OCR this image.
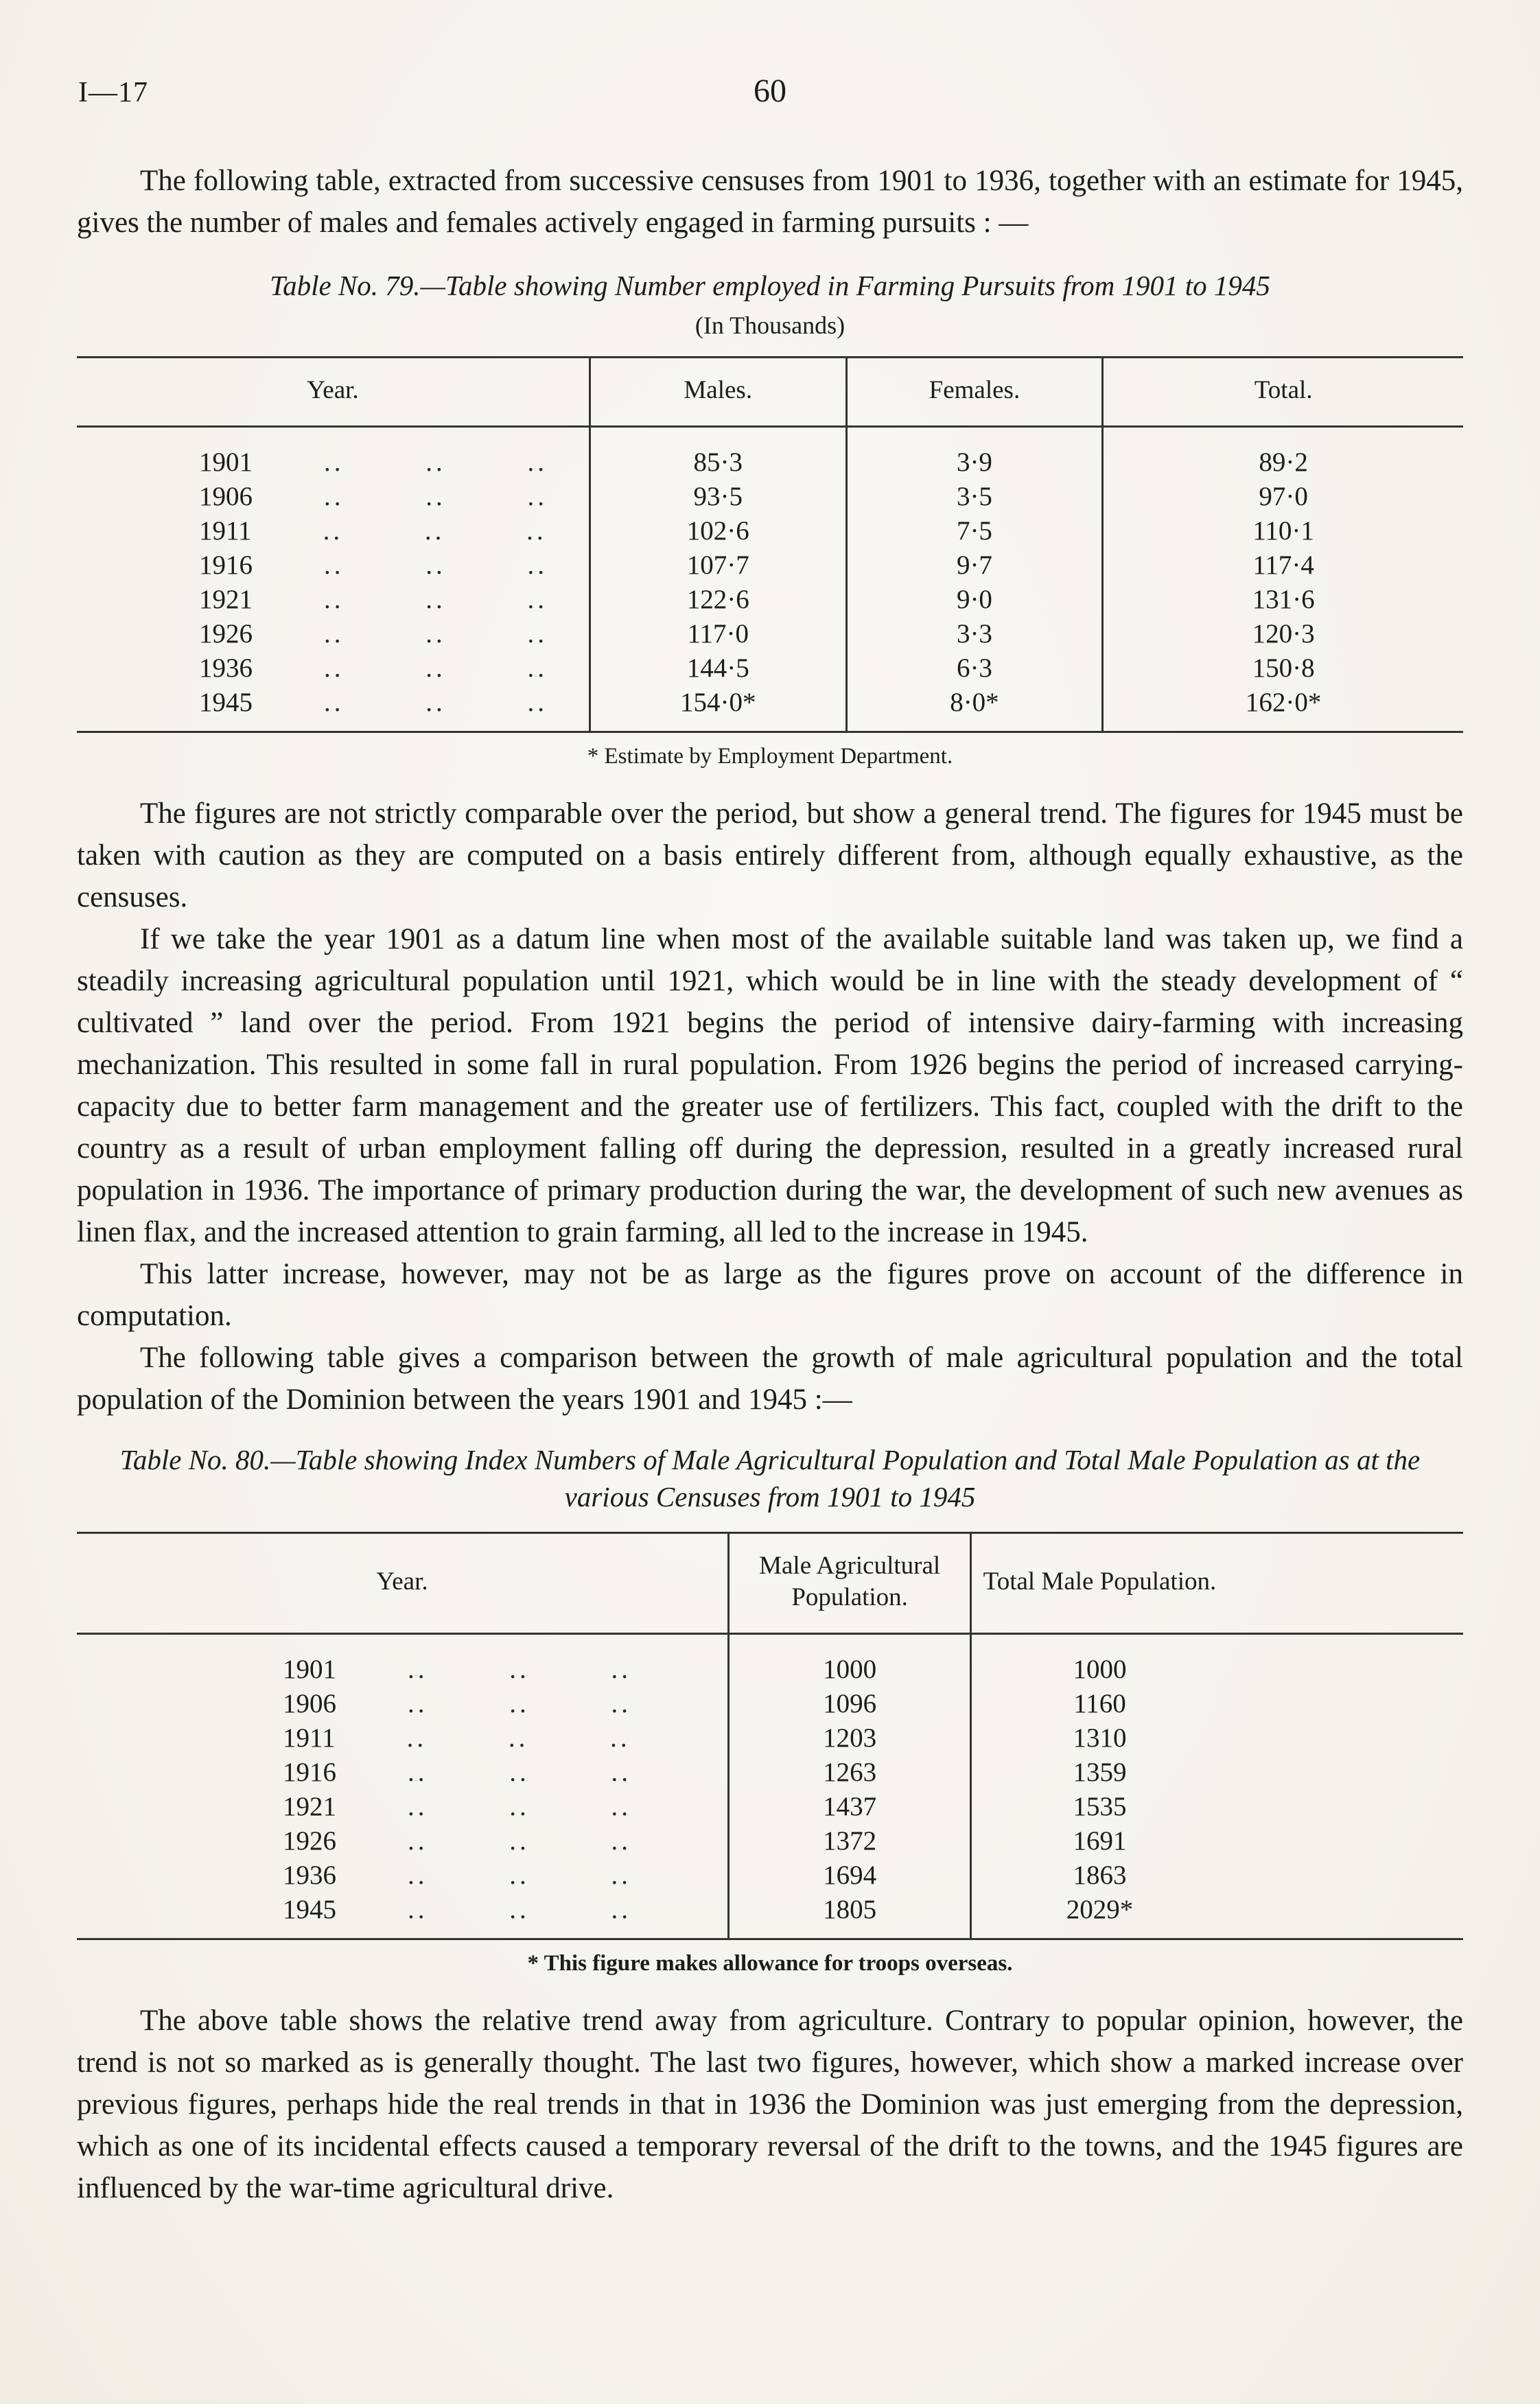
I—17	60

The following table, extracted from successive censuses from 1901 to 1936, together with an estimate for 1945, gives the number of males and females actively engaged in farming pursuits : —

Table No. 79.—Table showing Number employed in Farming Pursuits from 1901 to 1945
(In Thousands)
Year.	Males.	Females.	Total.
1901 .. .. ..	85·3	3·9	89·2
1906 .. .. ..	93·5	3·5	97·0
1911 .. .. ..	102·6	7·5	110·1
1916 .. .. ..	107·7	9·7	117·4
1921 .. .. ..	122·6	9·0	131·6
1926 .. .. ..	117·0	3·3	120·3
1936 .. .. ..	144·5	6·3	150·8
1945 .. .. ..	154·0*	8·0*	162·0*
* Estimate by Employment Department.

The figures are not strictly comparable over the period, but show a general trend. The figures for 1945 must be taken with caution as they are computed on a basis entirely different from, although equally exhaustive, as the censuses.

If we take the year 1901 as a datum line when most of the available suitable land was taken up, we find a steadily increasing agricultural population until 1921, which would be in line with the steady development of “ cultivated ” land over the period. From 1921 begins the period of intensive dairy-farming with increasing mechanization. This resulted in some fall in rural population. From 1926 begins the period of increased carrying-capacity due to better farm management and the greater use of fertilizers. This fact, coupled with the drift to the country as a result of urban employment falling off during the depression, resulted in a greatly increased rural population in 1936. The importance of primary production during the war, the development of such new avenues as linen flax, and the increased attention to grain farming, all led to the increase in 1945.

This latter increase, however, may not be as large as the figures prove on account of the difference in computation.

The following table gives a comparison between the growth of male agricultural population and the total population of the Dominion between the years 1901 and 1945 :—

Table No. 80.—Table showing Index Numbers of Male Agricultural Population and Total Male Population as at the various Censuses from 1901 to 1945
Year.	Male Agricultural Population.	Total Male Population.	
1901 .. .. ..	1000	1000	
1906 .. .. ..	1096	1160	
1911 .. .. ..	1203	1310	
1916 .. .. ..	1263	1359	
1921 .. .. ..	1437	1535	
1926 .. .. ..	1372	1691	
1936 .. .. ..	1694	1863	
1945 .. .. ..	1805	2029*	
* This figure makes allowance for troops overseas.

The above table shows the relative trend away from agriculture. Contrary to popular opinion, however, the trend is not so marked as is generally thought. The last two figures, however, which show a marked increase over previous figures, perhaps hide the real trends in that in 1936 the Dominion was just emerging from the depression, which as one of its incidental effects caused a temporary reversal of the drift to the towns, and the 1945 figures are influenced by the war-time agricultural drive.
